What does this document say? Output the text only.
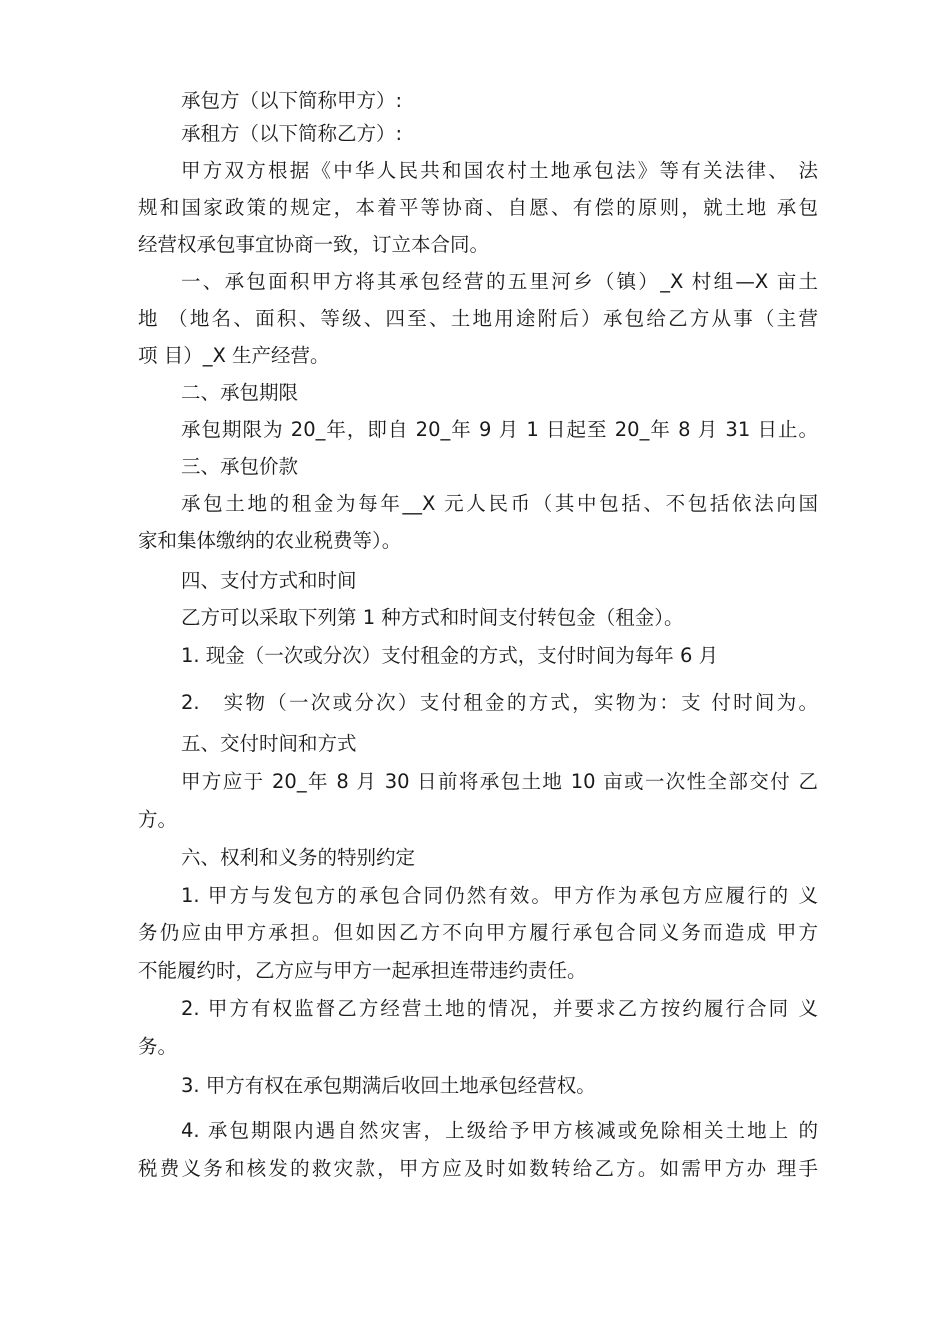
承包方（以下简称甲方）:
承租方（以下简称乙方）:
甲方双方根据《中华人民共和国农村土地承包法》等有关法律、 法
规和国家政策的规定，本着平等协商、自愿、有偿的原则，就土地 承包
经营权承包事宜协商一致，订立本合同。
一、承包面积甲方将其承包经营的五里河乡（镇）_X 村组—X 亩土
地 （地名、面积、等级、四至、土地用途附后）承包给乙方从事（主营
项 目）_X 生产经营。
二、承包期限
承包期限为 20_年，即自 20_年 9 月 1 日起至 20_年 8 月 31 日止。
三、承包价款
承包土地的租金为每年__X 元人民币（其中包括、不包括依法向国
家和集体缴纳的农业税费等）。
四、支付方式和时间
乙方可以采取下列第 1 种方式和时间支付转包金（租金）。
1. 现金（一次或分次）支付租金的方式，支付时间为每年 6 月
2.　实物（一次或分次）支付租金的方式，实物为：支 付时间为。
五、交付时间和方式
甲方应于 20_年 8 月 30 日前将承包土地 10 亩或一次性全部交付 乙
方。
六、权利和义务的特别约定
1. 甲方与发包方的承包合同仍然有效。甲方作为承包方应履行的 义
务仍应由甲方承担。但如因乙方不向甲方履行承包合同义务而造成 甲方
不能履约时，乙方应与甲方一起承担连带违约责任。
2. 甲方有权监督乙方经营土地的情况，并要求乙方按约履行合同 义
务。
3. 甲方有权在承包期满后收回土地承包经营权。
4. 承包期限内遇自然灾害，上级给予甲方核减或免除相关土地上 的
税费义务和核发的救灾款，甲方应及时如数转给乙方。如需甲方办 理手
